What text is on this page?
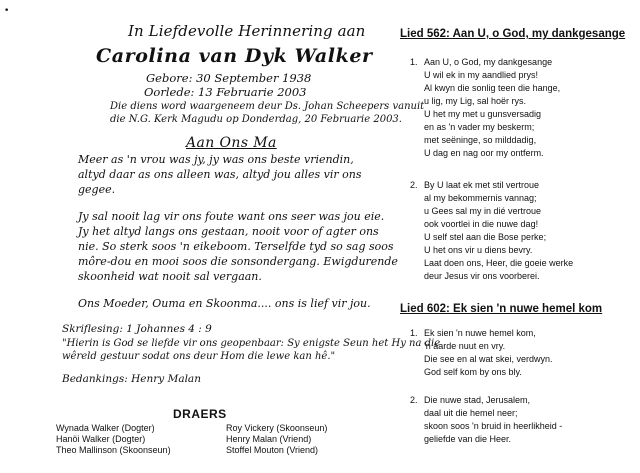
•
In Liefdevolle Herinnering aan
Carolina van Dyk Walker
Gebore: 30 September 1938
Oorlede: 13 Februarie 2003
Die diens word waargeneem deur Ds. Johan Scheepers vanuit
die N.G. Kerk Magudu op Donderdag, 20 Februarie 2003.
Aan Ons Ma
Meer as 'n vrou was jy, jy was ons beste vriendin,
altyd daar as ons alleen was, altyd jou alles vir ons
gegee.
Jy sal nooit lag vir ons foute want ons seer was jou eie.
Jy het altyd langs ons gestaan, nooit voor of agter ons
nie. So sterk soos 'n eikeboom. Terselfde tyd so sag soos
môre-dou en mooi soos die sonsondergang. Ewigdurende
skoonheid wat nooit sal vergaan.
Ons Moeder, Ouma en Skoonma.... ons is lief vir jou.
Skriflesing: 1 Johannes 4 : 9
"Hierin is God se liefde vir ons geopenbaar: Sy enigste Seun het Hy na die
wêreld gestuur sodat ons deur Hom die lewe kan hê."
Bedankings: Henry Malan
DRAERS
Wynada Walker (Dogter)
Hanöi Walker (Dogter)
Theo Mallinson (Skoonseun)
Roy Vickery (Skoonseun)
Henry Malan (Vriend)
Stoffel Mouton (Vriend)
Lied 562: Aan U, o God, my dankgesange
1. Aan U, o God, my dankgesange
U wil ek in my aandlied prys!
Al kwyn die sonlig teen die hange,
u lig, my Lig, sal hoër rys.
U het my met u gunsversadig
en as 'n vader my beskerm;
met seëninge, so milddadig,
U dag en nag oor my ontferm.
2. By U laat ek met stil vertroue
al my bekommernis vannag;
u Gees sal my in dié vertroue
ook voortlei in die nuwe dag!
U self stel aan die Bose perke;
U het ons vir u diens bevry.
Laat doen ons, Heer, die goeie werke
deur Jesus vir ons voorberei.
Lied 602: Ek sien 'n nuwe hemel kom
1. Ek sien 'n nuwe hemel kom,
'n aarde nuut en vry.
Die see en al wat skei, verdwyn.
God self kom by ons bly.
2. Die nuwe stad, Jerusalem,
daal uit die hemel neer;
skoon soos 'n bruid in heerlikheid -
geliefde van die Heer.
